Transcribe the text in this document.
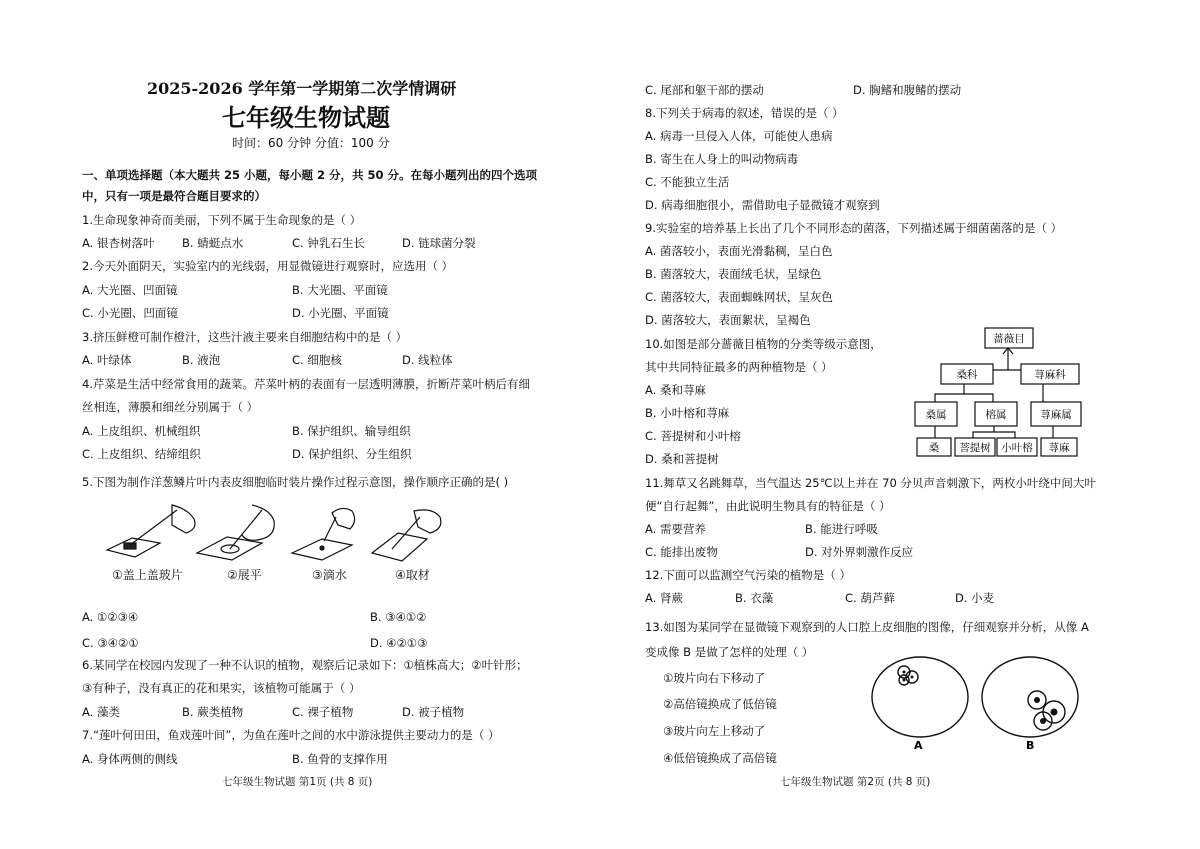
2025-2026 学年第一学期第二次学情调研
七年级生物试题
时间：60 分钟 分值：100 分
一、单项选择题（本大题共 25 小题，每小题 2 分，共 50 分。在每小题列出的四个选项
中，只有一项是最符合题目要求的）
1.生命现象神奇而美丽，下列不属于生命现象的是（ ）
A. 银杏树落叶 B. 蜻蜓点水	C. 钟乳石生长	D. 链球菌分裂
2.今天外面阴天，实验室内的光线弱，用显微镜进行观察时，应选用（ ）
A. 大光圈、凹面镜	B. 大光圈、平面镜
C. 小光圈、凹面镜	D. 小光圈、平面镜
3.挤压鲜橙可制作橙汁，这些汁液主要来自细胞结构中的是（ ）
A. 叶绿体	B. 液泡	C. 细胞核	D. 线粒体
4.芹菜是生活中经常食用的蔬菜。芹菜叶柄的表面有一层透明薄膜，折断芹菜叶柄后有细
丝相连，薄膜和细丝分别属于（ ）
A. 上皮组织、机械组织	B. 保护组织、输导组织
C. 上皮组织、结缔组织	D. 保护组织、分生组织
5.下图为制作洋葱鳞片叶内表皮细胞临时装片操作过程示意图，操作顺序正确的是( )
①盖上盖玻片	②展平	③滴水	④取材
A. ①②③④	B. ③④①②
C. ③④②①	D. ④②①③
6.某同学在校园内发现了一种不认识的植物，观察后记录如下：①植株高大；②叶针形；
③有种子，没有真正的花和果实，该植物可能属于（ ）
A. 藻类	B. 蕨类植物	C. 裸子植物	D. 被子植物
7.“莲叶何田田，鱼戏莲叶间”，为鱼在莲叶之间的水中游泳提供主要动力的是（ ）
A. 身体两侧的侧线	B. 鱼骨的支撑作用
七年级生物试题 第1页 (共 8 页)
C. 尾部和躯干部的摆动	D. 胸鳍和腹鳍的摆动
8.下列关于病毒的叙述，错误的是（ ）
A. 病毒一旦侵入人体，可能使人患病
B. 寄生在人身上的叫动物病毒
C. 不能独立生活
D. 病毒细胞很小，需借助电子显微镜才观察到
9.实验室的培养基上长出了几个不同形态的菌落，下列描述属于细菌菌落的是（ ）
A. 菌落较小，表面光滑黏稠，呈白色
B. 菌落较大，表面绒毛状，呈绿色
C. 菌落较大，表面蜘蛛网状，呈灰色
D. 菌落较大，表面絮状，呈褐色
10.如图是部分蔷薇目植物的分类等级示意图，
其中共同特征最多的两种植物是（ ）
A. 桑和荨麻
B. 小叶榕和荨麻
C. 菩提树和小叶榕
D. 桑和菩提树
蔷薇目
桑科	荨麻科
桑属	榕属	荨麻属
桑 菩提树 小叶榕 荨麻
11.舞草又名跳舞草，当气温达 25℃以上并在 70 分贝声音刺激下，两枚小叶绕中间大叶
便“自行起舞”，由此说明生物具有的特征是（ ）
A. 需要营养	B. 能进行呼吸
C. 能排出废物	D. 对外界刺激作反应
12.下面可以监测空气污染的植物是（ ）
A. 肾蕨	B. 衣藻	C. 葫芦藓	D. 小麦
13.如图为某同学在显微镜下观察到的人口腔上皮细胞的图像，仔细观察并分析，从像 A
变成像 B 是做了怎样的处理（ ）
①玻片向右下移动了
②高倍镜换成了低倍镜
③玻片向左上移动了
④低倍镜换成了高倍镜
A	B
七年级生物试题 第2页 (共 8 页)
